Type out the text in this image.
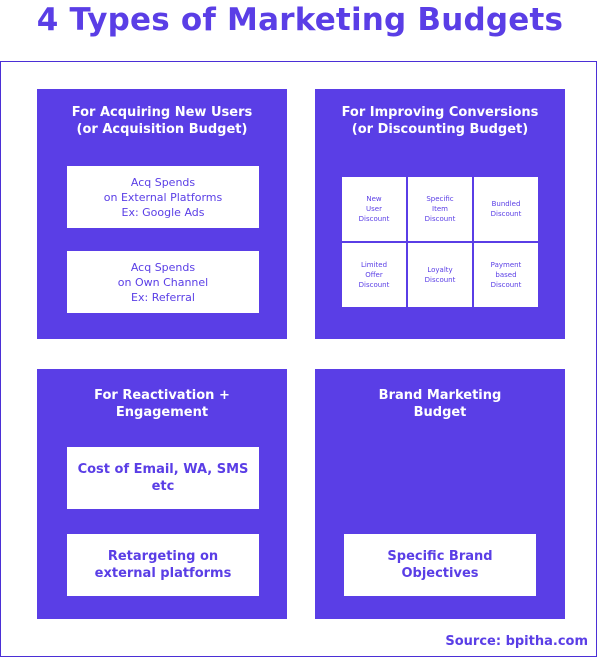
4 Types of Marketing Budgets
For Acquiring New Users
(or Acquisition Budget)
Acq Spends
on External Platforms
Ex: Google Ads
Acq Spends
on Own Channel
Ex: Referral
For Improving Conversions
(or Discounting Budget)
New
User
Discount
Specific
Item
Discount
Bundled
Discount
Limited
Offer
Discount
Loyalty
Discount
Payment
based
Discount
For Reactivation +
Engagement
Cost of Email, WA, SMS
etc
Retargeting on
external platforms
Brand Marketing
Budget
Specific Brand
Objectives
Source: bpitha.com
